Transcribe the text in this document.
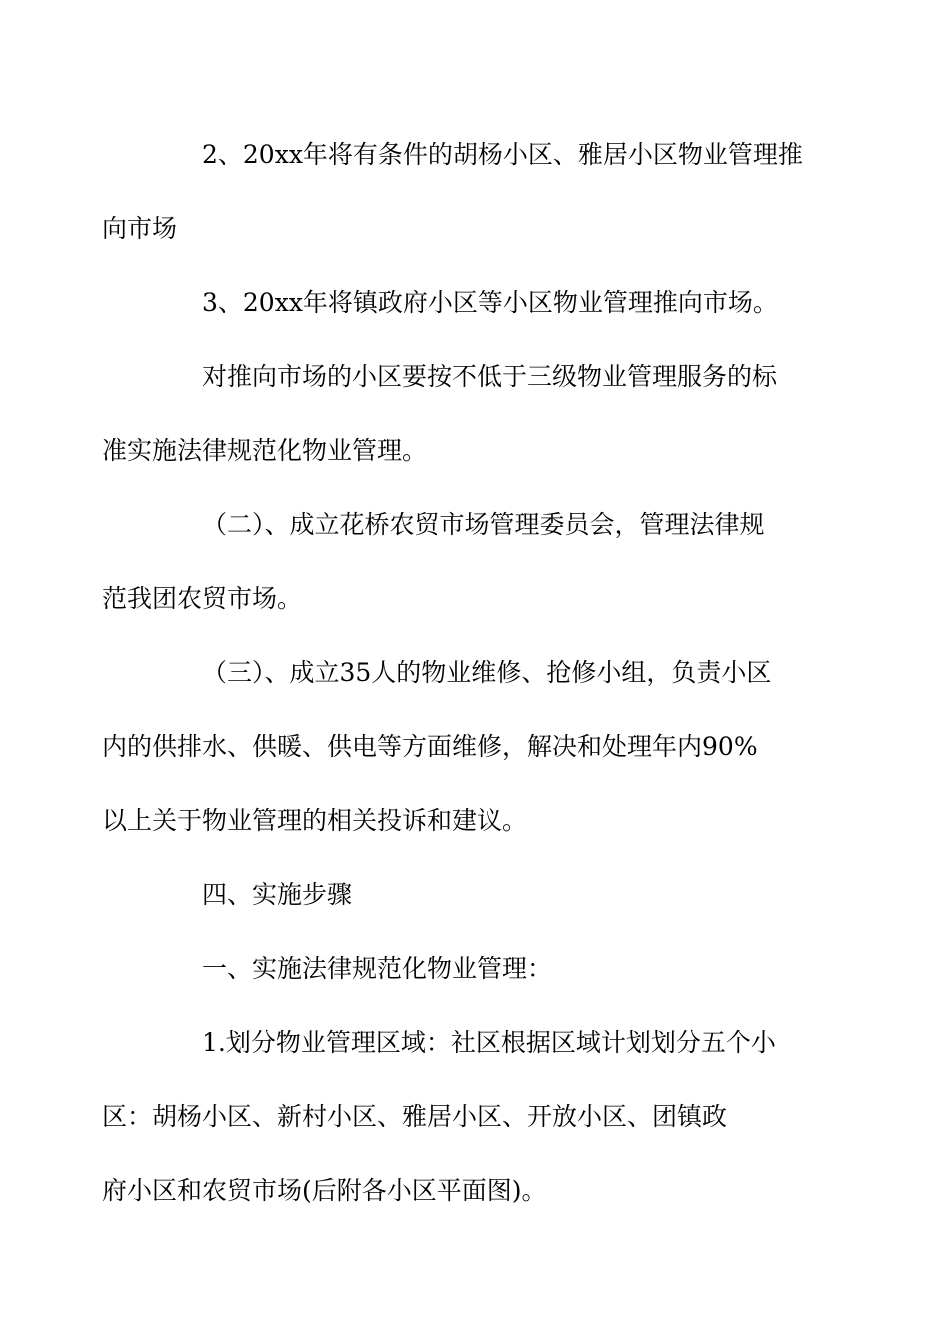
2、20xx年将有条件的胡杨小区、雅居小区物业管理推
向市场

3、20xx年将镇政府小区等小区物业管理推向市场。

对推向市场的小区要按不低于三级物业管理服务的标
准实施法律规范化物业管理。

（二）、成立花桥农贸市场管理委员会，管理法律规
范我团农贸市场。

（三）、成立35人的物业维修、抢修小组，负责小区
内的供排水、供暖、供电等方面维修，解决和处理年内90%
以上关于物业管理的相关投诉和建议。

四、实施步骤

一、实施法律规范化物业管理：

1.划分物业管理区域：社区根据区域计划划分五个小
区：胡杨小区、新村小区、雅居小区、开放小区、团镇政
府小区和农贸市场(后附各小区平面图)。
